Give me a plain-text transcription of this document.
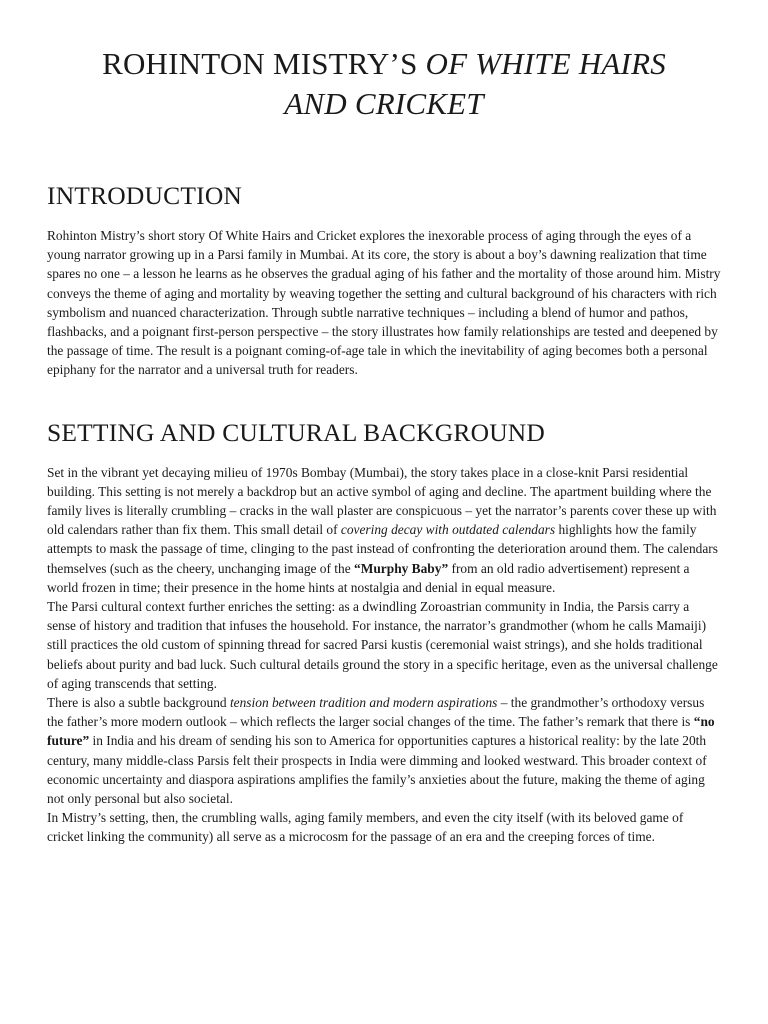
ROHINTON MISTRY’S OF WHITE HAIRS
AND CRICKET
INTRODUCTION

Rohinton Mistry’s short story Of White Hairs and Cricket explores the inexorable process of aging through the eyes of a young narrator growing up in a Parsi family in Mumbai. At its core, the story is about a boy’s dawning realization that time spares no one – a lesson he learns as he observes the gradual aging of his father and the mortality of those around him. Mistry conveys the theme of aging and mortality by weaving together the setting and cultural background of his characters with rich symbolism and nuanced characterization. Through subtle narrative techniques – including a blend of humor and pathos, flashbacks, and a poignant first-person perspective – the story illustrates how family relationships are tested and deepened by the passage of time. The result is a poignant coming-of-age tale in which the inevitability of aging becomes both a personal epiphany for the narrator and a universal truth for readers.

SETTING AND CULTURAL BACKGROUND

Set in the vibrant yet decaying milieu of 1970s Bombay (Mumbai), the story takes place in a close-knit Parsi residential building. This setting is not merely a backdrop but an active symbol of aging and decline. The apartment building where the family lives is literally crumbling – cracks in the wall plaster are conspicuous – yet the narrator’s parents cover these up with old calendars rather than fix them. This small detail of covering decay with outdated calendars highlights how the family attempts to mask the passage of time, clinging to the past instead of confronting the deterioration around them. The calendars themselves (such as the cheery, unchanging image of the “Murphy Baby” from an old radio advertisement) represent a world frozen in time; their presence in the home hints at nostalgia and denial in equal measure.

The Parsi cultural context further enriches the setting: as a dwindling Zoroastrian community in India, the Parsis carry a sense of history and tradition that infuses the household. For instance, the narrator’s grandmother (whom he calls Mamaiji) still practices the old custom of spinning thread for sacred Parsi kustis (ceremonial waist strings), and she holds traditional beliefs about purity and bad luck. Such cultural details ground the story in a specific heritage, even as the universal challenge of aging transcends that setting.

There is also a subtle background tension between tradition and modern aspirations – the grandmother’s orthodoxy versus the father’s more modern outlook – which reflects the larger social changes of the time. The father’s remark that there is “no future” in India and his dream of sending his son to America for opportunities captures a historical reality: by the late 20th century, many middle-class Parsis felt their prospects in India were dimming and looked westward. This broader context of economic uncertainty and diaspora aspirations amplifies the family’s anxieties about the future, making the theme of aging not only personal but also societal.

In Mistry’s setting, then, the crumbling walls, aging family members, and even the city itself (with its beloved game of cricket linking the community) all serve as a microcosm for the passage of an era and the creeping forces of time.
